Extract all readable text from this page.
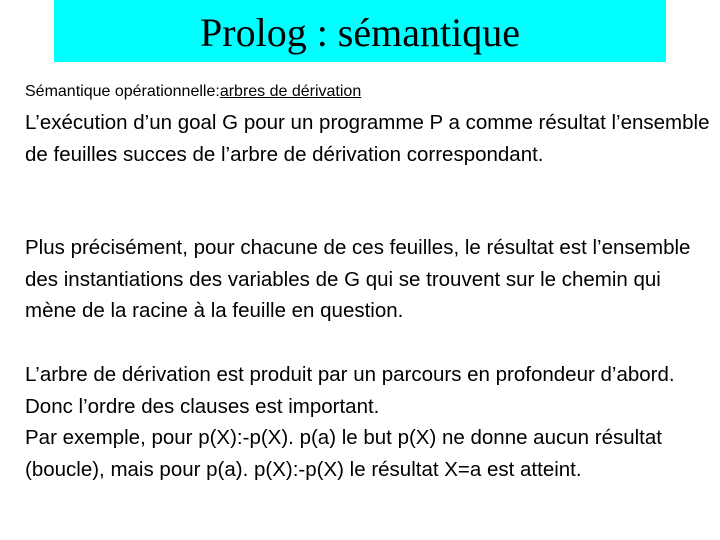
Prolog : sémantique
Sémantique opérationnelle:arbres de dérivation

L’exécution d’un goal G pour un programme P a comme résultat l’ensemble de feuilles succes de l’arbre de dérivation correspondant.

Plus précisément, pour chacune de ces feuilles, le résultat est l’ensemble des instantiations des variables de G qui se trouvent sur le chemin qui mène de la racine à la feuille en question.

L’arbre de dérivation est produit par un parcours en profondeur d’abord. Donc l’ordre des clauses est important.

Par exemple, pour p(X):-p(X). p(a) le but p(X) ne donne aucun résultat (boucle), mais pour p(a). p(X):-p(X) le résultat X=a est atteint.
